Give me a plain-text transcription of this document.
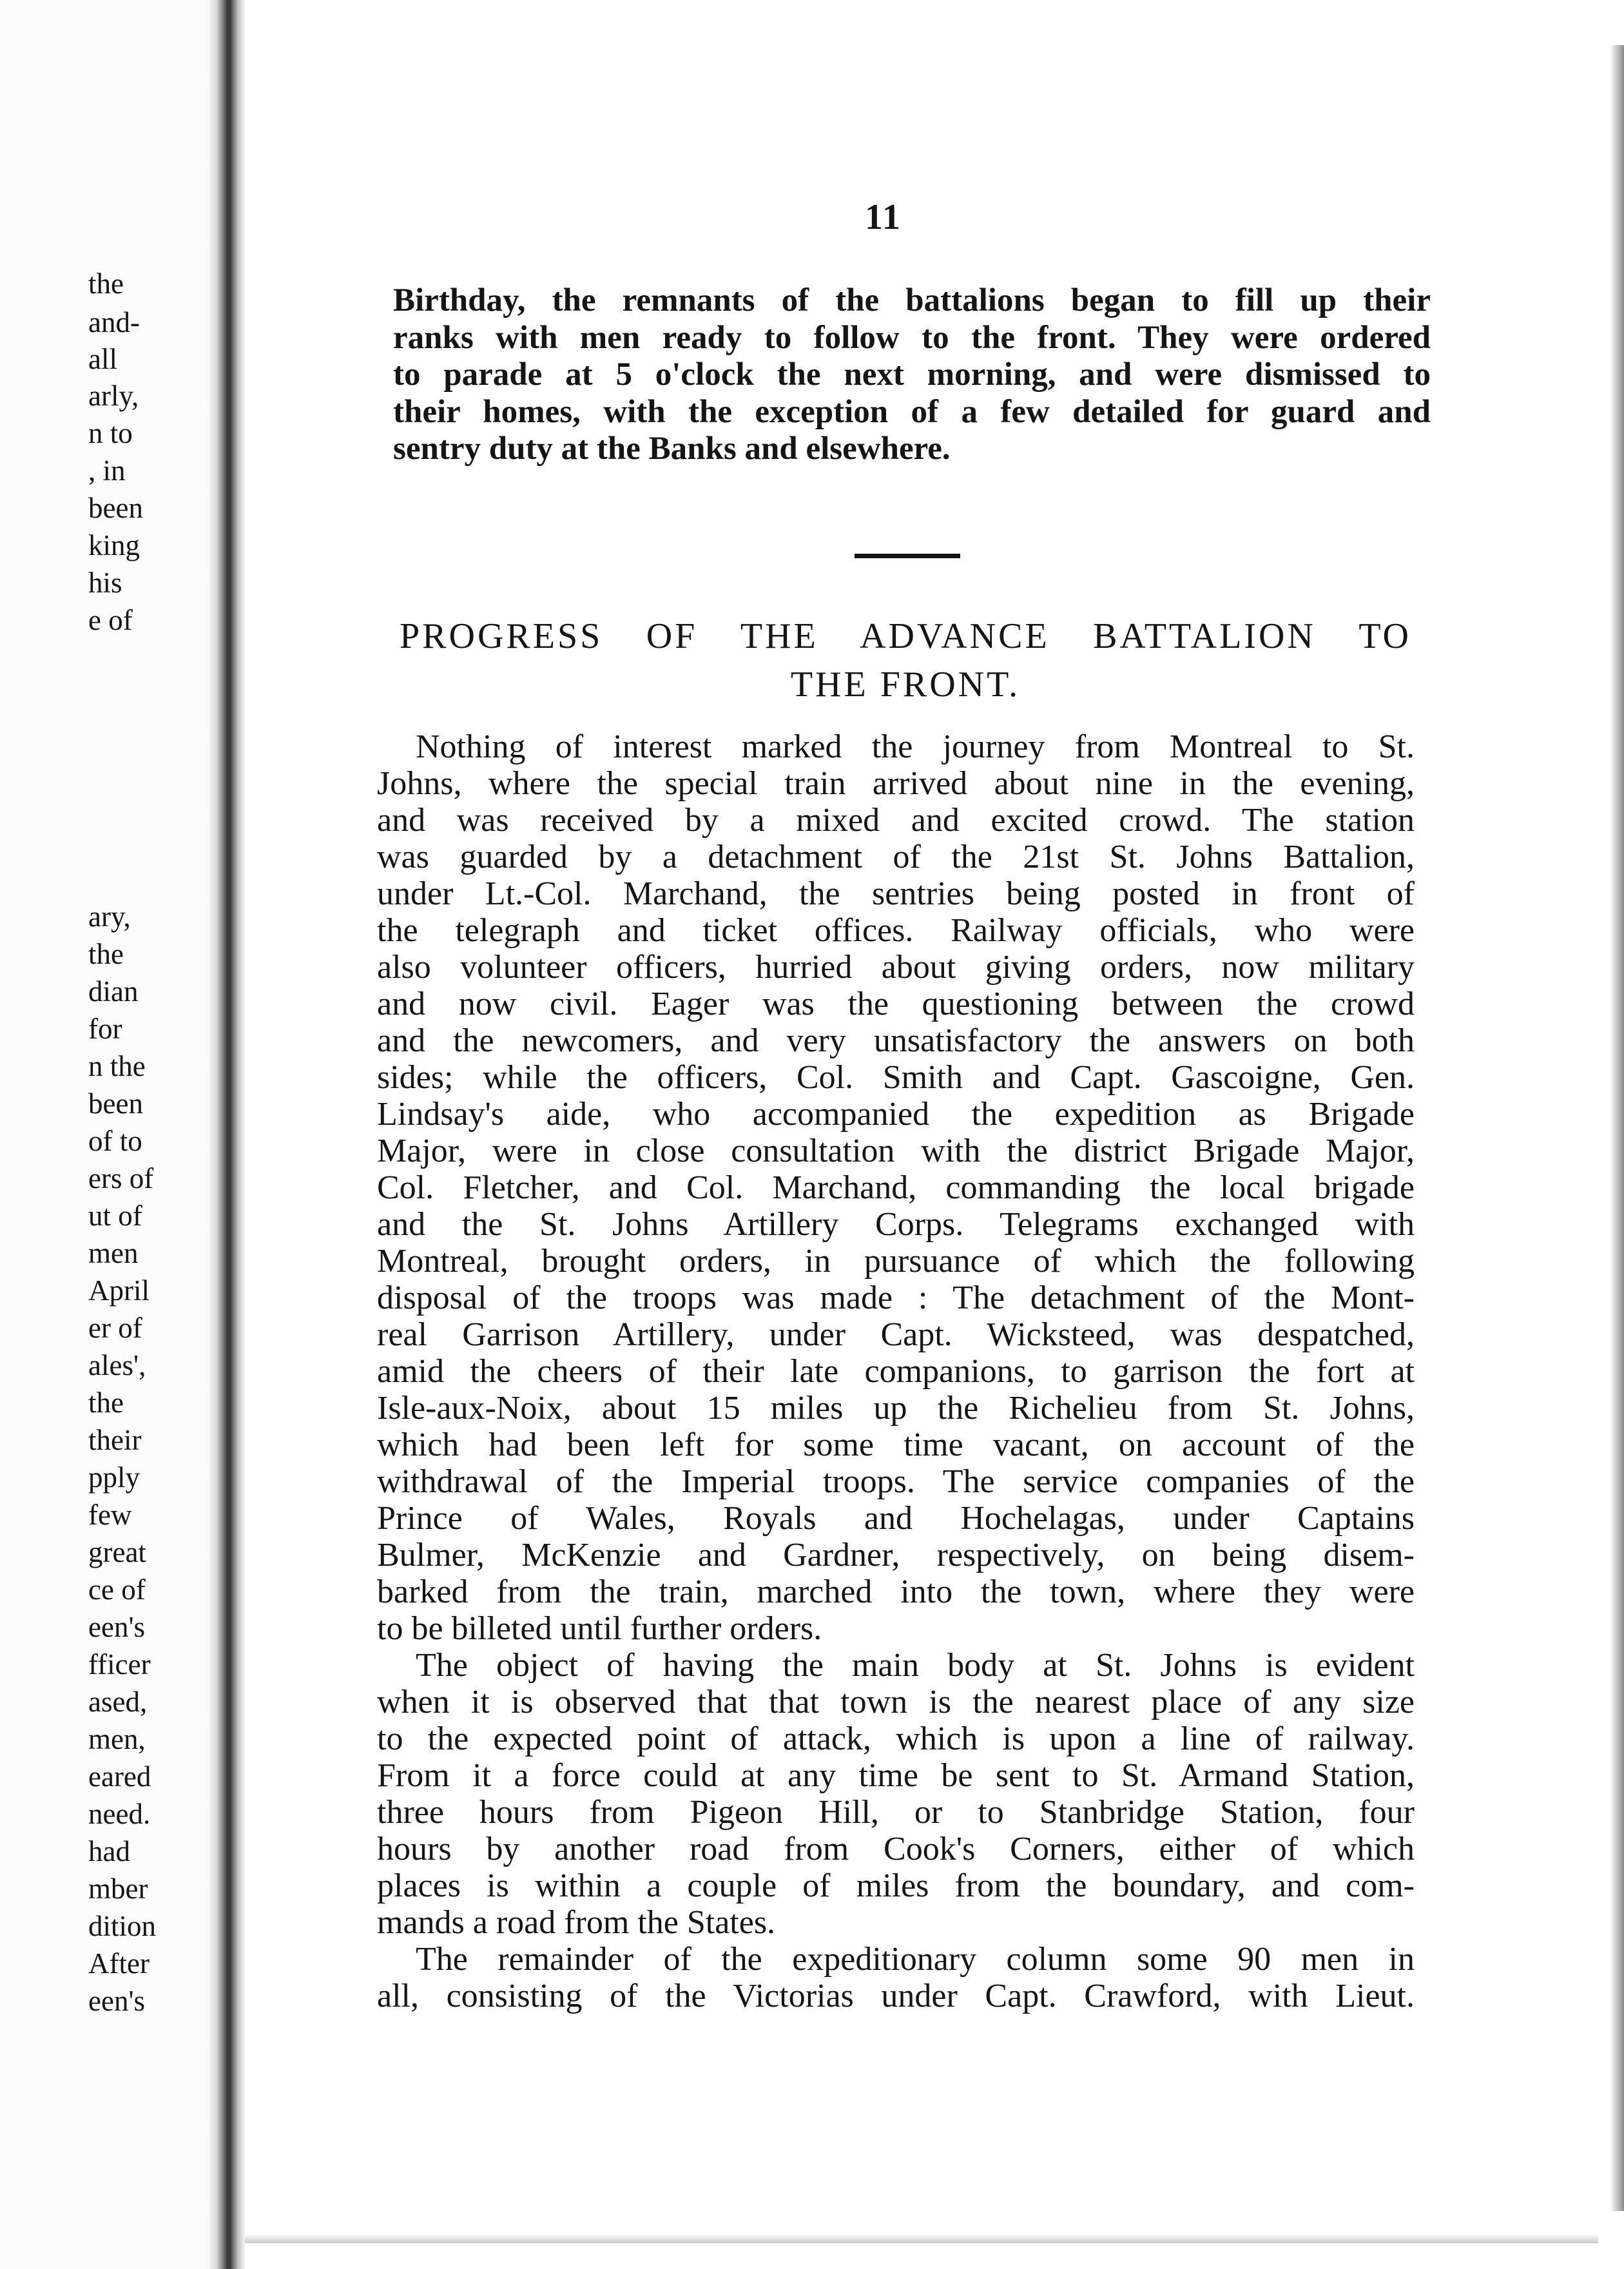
the
and-
all
arly,
n to
, in
been
king
his
e of
ary,
the
dian
for
n the
been
of to
ers of
ut of
men
April
er of
ales',
the
their
pply
few
great
ce of
een's
fficer
ased,
men,
eared
need.
had
mber
dition
After
een's
11
Birthday, the remnants of the battalions began to fill up their
ranks with men ready to follow to the front. They were ordered
to parade at 5 o'clock the next morning, and were dismissed to
their homes, with the exception of a few detailed for guard and
sentry duty at the Banks and elsewhere.
PROGRESS OF THE ADVANCE BATTALION TO
THE FRONT.
Nothing of interest marked the journey from Montreal to St.
Johns, where the special train arrived about nine in the evening,
and was received by a mixed and excited crowd. The station
was guarded by a detachment of the 21st St. Johns Battalion,
under Lt.-Col. Marchand, the sentries being posted in front of
the telegraph and ticket offices. Railway officials, who were
also volunteer officers, hurried about giving orders, now military
and now civil. Eager was the questioning between the crowd
and the newcomers, and very unsatisfactory the answers on both
sides; while the officers, Col. Smith and Capt. Gascoigne, Gen.
Lindsay's aide, who accompanied the expedition as Brigade
Major, were in close consultation with the district Brigade Major,
Col. Fletcher, and Col. Marchand, commanding the local brigade
and the St. Johns Artillery Corps. Telegrams exchanged with
Montreal, brought orders, in pursuance of which the following
disposal of the troops was made : The detachment of the Mont-
real Garrison Artillery, under Capt. Wicksteed, was despatched,
amid the cheers of their late companions, to garrison the fort at
Isle-aux-Noix, about 15 miles up the Richelieu from St. Johns,
which had been left for some time vacant, on account of the
withdrawal of the Imperial troops. The service companies of the
Prince of Wales, Royals and Hochelagas, under Captains
Bulmer, McKenzie and Gardner, respectively, on being disem-
barked from the train, marched into the town, where they were
to be billeted until further orders.
The object of having the main body at St. Johns is evident
when it is observed that that town is the nearest place of any size
to the expected point of attack, which is upon a line of railway.
From it a force could at any time be sent to St. Armand Station,
three hours from Pigeon Hill, or to Stanbridge Station, four
hours by another road from Cook's Corners, either of which
places is within a couple of miles from the boundary, and com-
mands a road from the States.
The remainder of the expeditionary column some 90 men in
all, consisting of the Victorias under Capt. Crawford, with Lieut.
